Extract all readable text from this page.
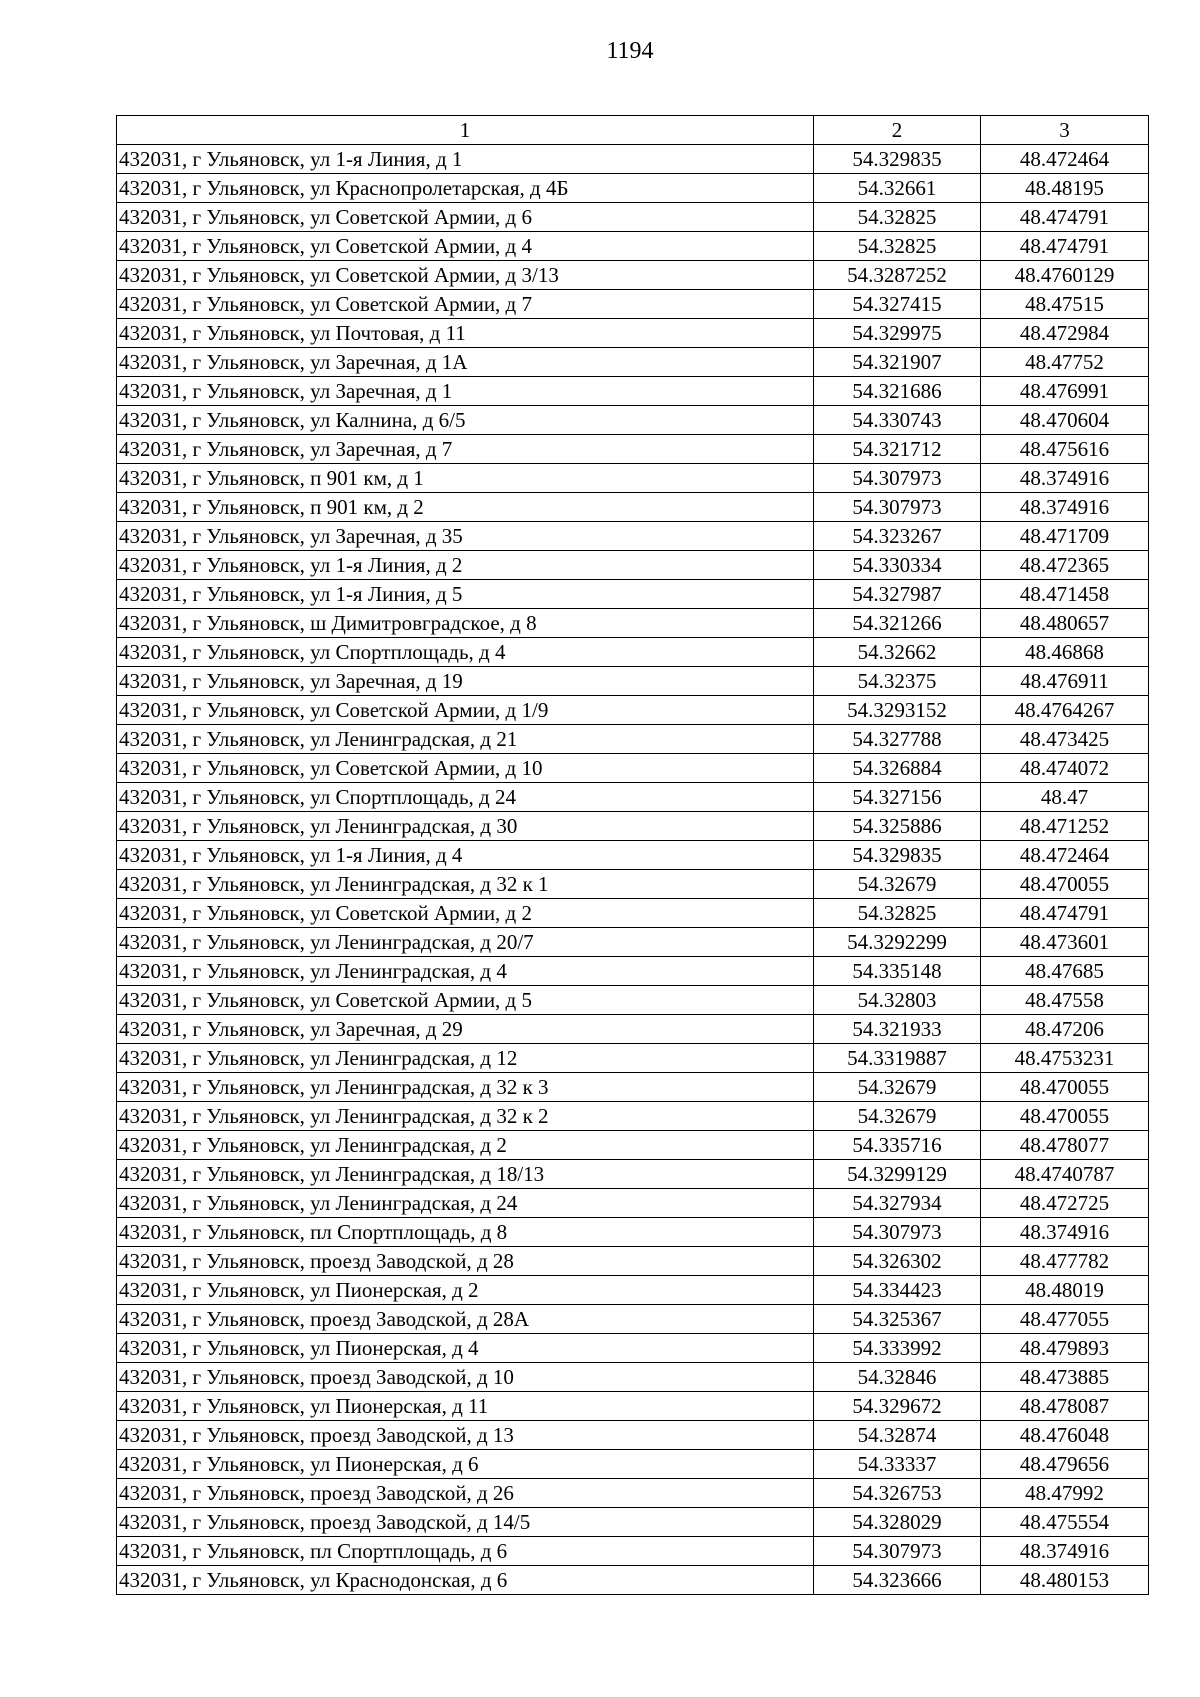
1194
1	2	3
432031, г Ульяновск, ул 1-я Линия, д 1	54.329835	48.472464
432031, г Ульяновск, ул Краснопролетарская, д 4Б	54.32661	48.48195
432031, г Ульяновск, ул Советской Армии, д 6	54.32825	48.474791
432031, г Ульяновск, ул Советской Армии, д 4	54.32825	48.474791
432031, г Ульяновск, ул Советской Армии, д 3/13	54.3287252	48.4760129
432031, г Ульяновск, ул Советской Армии, д 7	54.327415	48.47515
432031, г Ульяновск, ул Почтовая, д 11	54.329975	48.472984
432031, г Ульяновск, ул Заречная, д 1А	54.321907	48.47752
432031, г Ульяновск, ул Заречная, д 1	54.321686	48.476991
432031, г Ульяновск, ул Калнина, д 6/5	54.330743	48.470604
432031, г Ульяновск, ул Заречная, д 7	54.321712	48.475616
432031, г Ульяновск, п 901 км, д 1	54.307973	48.374916
432031, г Ульяновск, п 901 км, д 2	54.307973	48.374916
432031, г Ульяновск, ул Заречная, д 35	54.323267	48.471709
432031, г Ульяновск, ул 1-я Линия, д 2	54.330334	48.472365
432031, г Ульяновск, ул 1-я Линия, д 5	54.327987	48.471458
432031, г Ульяновск, ш Димитровградское, д 8	54.321266	48.480657
432031, г Ульяновск, ул Спортплощадь, д 4	54.32662	48.46868
432031, г Ульяновск, ул Заречная, д 19	54.32375	48.476911
432031, г Ульяновск, ул Советской Армии, д 1/9	54.3293152	48.4764267
432031, г Ульяновск, ул Ленинградская, д 21	54.327788	48.473425
432031, г Ульяновск, ул Советской Армии, д 10	54.326884	48.474072
432031, г Ульяновск, ул Спортплощадь, д 24	54.327156	48.47
432031, г Ульяновск, ул Ленинградская, д 30	54.325886	48.471252
432031, г Ульяновск, ул 1-я Линия, д 4	54.329835	48.472464
432031, г Ульяновск, ул Ленинградская, д 32 к 1	54.32679	48.470055
432031, г Ульяновск, ул Советской Армии, д 2	54.32825	48.474791
432031, г Ульяновск, ул Ленинградская, д 20/7	54.3292299	48.473601
432031, г Ульяновск, ул Ленинградская, д 4	54.335148	48.47685
432031, г Ульяновск, ул Советской Армии, д 5	54.32803	48.47558
432031, г Ульяновск, ул Заречная, д 29	54.321933	48.47206
432031, г Ульяновск, ул Ленинградская, д 12	54.3319887	48.4753231
432031, г Ульяновск, ул Ленинградская, д 32 к 3	54.32679	48.470055
432031, г Ульяновск, ул Ленинградская, д 32 к 2	54.32679	48.470055
432031, г Ульяновск, ул Ленинградская, д 2	54.335716	48.478077
432031, г Ульяновск, ул Ленинградская, д 18/13	54.3299129	48.4740787
432031, г Ульяновск, ул Ленинградская, д 24	54.327934	48.472725
432031, г Ульяновск, пл Спортплощадь, д 8	54.307973	48.374916
432031, г Ульяновск, проезд Заводской, д 28	54.326302	48.477782
432031, г Ульяновск, ул Пионерская, д 2	54.334423	48.48019
432031, г Ульяновск, проезд Заводской, д 28А	54.325367	48.477055
432031, г Ульяновск, ул Пионерская, д 4	54.333992	48.479893
432031, г Ульяновск, проезд Заводской, д 10	54.32846	48.473885
432031, г Ульяновск, ул Пионерская, д 11	54.329672	48.478087
432031, г Ульяновск, проезд Заводской, д 13	54.32874	48.476048
432031, г Ульяновск, ул Пионерская, д 6	54.33337	48.479656
432031, г Ульяновск, проезд Заводской, д 26	54.326753	48.47992
432031, г Ульяновск, проезд Заводской, д 14/5	54.328029	48.475554
432031, г Ульяновск, пл Спортплощадь, д 6	54.307973	48.374916
432031, г Ульяновск, ул Краснодонская, д 6	54.323666	48.480153
